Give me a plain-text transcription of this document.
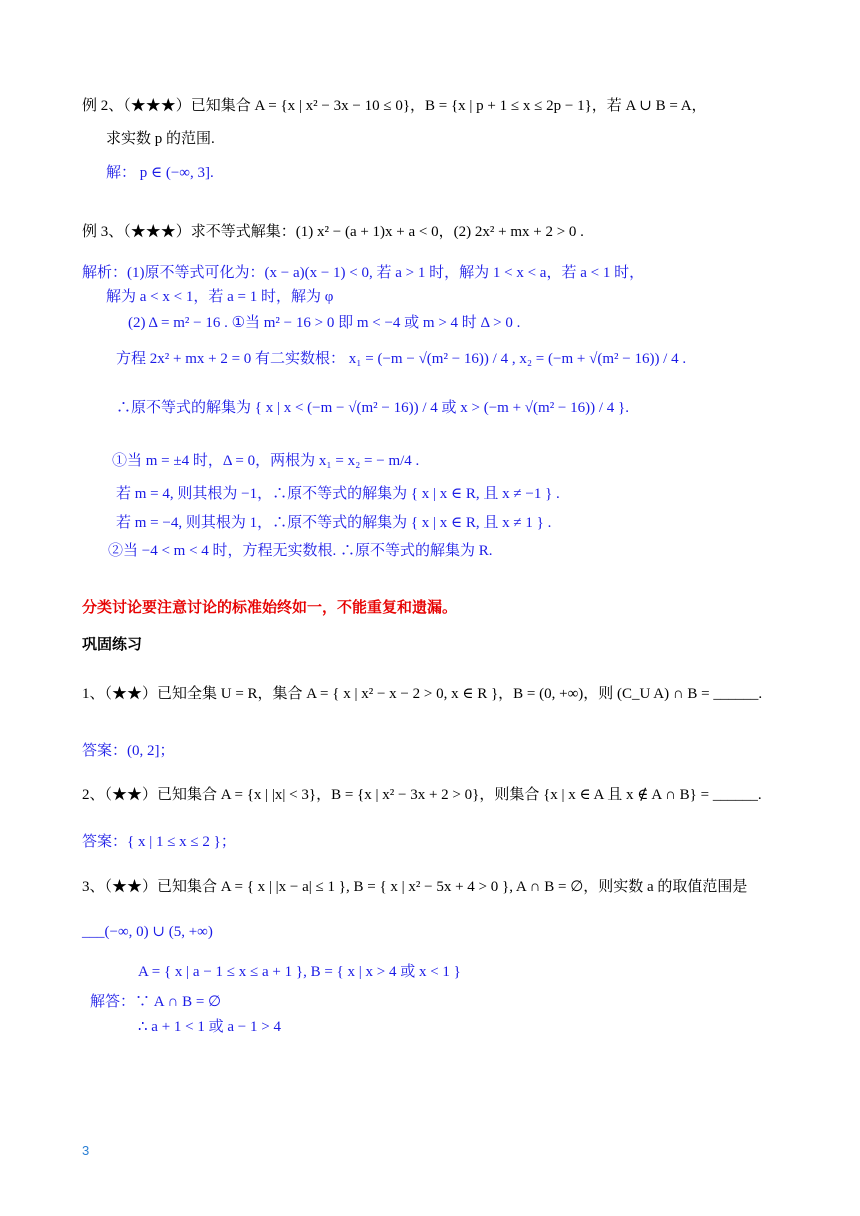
例 2、（★★★）已知集合 A = {x | x² − 3x − 10 ≤ 0}，B = {x | p + 1 ≤ x ≤ 2p − 1}，若 A ∪ B = A，
求实数 p 的范围.
解： p ∈ (−∞, 3].
例 3、（★★★）求不等式解集：(1) x² − (a + 1)x + a < 0，(2) 2x² + mx + 2 > 0 .
解析：(1)原不等式可化为：(x − a)(x − 1) < 0, 若 a > 1 时，解为 1 < x < a，若 a < 1 时，
解为 a < x < 1，若 a = 1 时，解为 φ
(2) Δ = m² − 16 . ①当 m² − 16 > 0 即 m < −4 或 m > 4 时 Δ > 0 .
方程 2x² + mx + 2 = 0 有二实数根： x₁ = (−m − √(m² − 16)) / 4 , x₂ = (−m + √(m² − 16)) / 4 .
∴原不等式的解集为 { x | x < (−m − √(m² − 16)) / 4 或 x > (−m + √(m² − 16)) / 4 }.
①当 m = ±4 时，Δ = 0，两根为 x₁ = x₂ = − m/4 .
若 m = 4, 则其根为 −1，∴原不等式的解集为 { x | x ∈ R, 且 x ≠ −1 } .
若 m = −4, 则其根为 1，∴原不等式的解集为 { x | x ∈ R, 且 x ≠ 1 } .
②当 −4 < m < 4 时，方程无实数根. ∴原不等式的解集为 R.
分类讨论要注意讨论的标准始终如一，不能重复和遗漏。
巩固练习
1、（★★）已知全集 U = R，集合 A = { x | x² − x − 2 > 0, x ∈ R }，B = (0, +∞)，则 (C_U A) ∩ B = ______.
答案：(0, 2]；
2、（★★）已知集合 A = {x | |x| < 3}，B = {x | x² − 3x + 2 > 0}，则集合 {x | x ∈ A 且 x ∉ A ∩ B} = ______.
答案：{ x | 1 ≤ x ≤ 2 }；
3、（★★）已知集合 A = { x | |x − a| ≤ 1 }, B = { x | x² − 5x + 4 > 0 }, A ∩ B = ∅，则实数 a 的取值范围是
___(−∞, 0) ∪ (5, +∞)
A = { x | a − 1 ≤ x ≤ a + 1 }, B = { x | x > 4 或 x < 1 }
解答：∵ A ∩ B = ∅
∴ a + 1 < 1 或 a − 1 > 4
3
